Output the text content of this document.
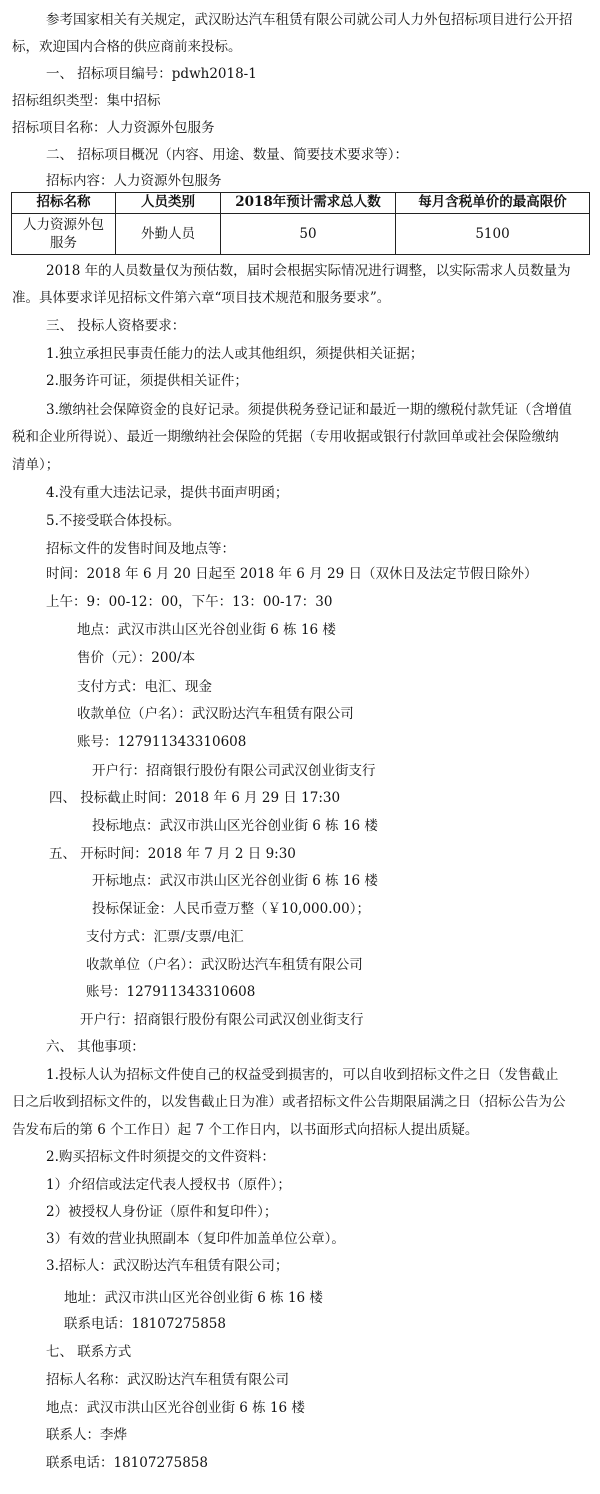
参考国家相关有关规定，武汉盼达汽车租赁有限公司就公司人力外包招标项目进行公开招
标，欢迎国内合格的供应商前来投标。
一、 招标项目编号：pdwh2018-1
招标组织类型：集中招标
招标项目名称：人力资源外包服务
二、 招标项目概况（内容、用途、数量、简要技术要求等）：
招标内容：人力资源外包服务
招标名称	人员类别	2018年预计需求总人数	每月含税单价的最高限价
人力资源外包
服务	外勤人员	50	5100
2018 年的人员数量仅为预估数，届时会根据实际情况进行调整，以实际需求人员数量为
准。具体要求详见招标文件第六章“项目技术规范和服务要求”。
三、 投标人资格要求：
1.独立承担民事责任能力的法人或其他组织，须提供相关证据；
2.服务许可证，须提供相关证件；
3.缴纳社会保障资金的良好记录。须提供税务登记证和最近一期的缴税付款凭证（含增值
税和企业所得说）、最近一期缴纳社会保险的凭据（专用收据或银行付款回单或社会保险缴纳
清单）；
4.没有重大违法记录，提供书面声明函；
5.不接受联合体投标。
招标文件的发售时间及地点等：
时间：2018 年 6 月 20 日起至 2018 年 6 月 29 日（双休日及法定节假日除外）
上午：9：00-12：00，下午：13：00-17：30
地点：武汉市洪山区光谷创业街 6 栋 16 楼
售价（元）：200/本
支付方式：电汇、现金
收款单位（户名）：武汉盼达汽车租赁有限公司
账号：127911343310608
开户行：招商银行股份有限公司武汉创业街支行
四、 投标截止时间：2018 年 6 月 29 日 17:30
投标地点：武汉市洪山区光谷创业街 6 栋 16 楼
五、 开标时间：2018 年 7 月 2 日 9:30
开标地点：武汉市洪山区光谷创业街 6 栋 16 楼
投标保证金：人民币壹万整（￥10,000.00）；
支付方式：汇票/支票/电汇
收款单位（户名）：武汉盼达汽车租赁有限公司
账号：127911343310608
开户行：招商银行股份有限公司武汉创业街支行
六、 其他事项：
1.投标人认为招标文件使自己的权益受到损害的，可以自收到招标文件之日（发售截止
日之后收到招标文件的，以发售截止日为准）或者招标文件公告期限届满之日（招标公告为公
告发布后的第 6 个工作日）起 7 个工作日内，以书面形式向招标人提出质疑。
2.购买招标文件时须提交的文件资料：
1）介绍信或法定代表人授权书（原件）；
2）被授权人身份证（原件和复印件）；
3）有效的营业执照副本（复印件加盖单位公章）。
3.招标人：武汉盼达汽车租赁有限公司；
地址：武汉市洪山区光谷创业街 6 栋 16 楼
联系电话：18107275858
七、 联系方式
招标人名称：武汉盼达汽车租赁有限公司
地点：武汉市洪山区光谷创业街 6 栋 16 楼
联系人：李烨
联系电话：18107275858
